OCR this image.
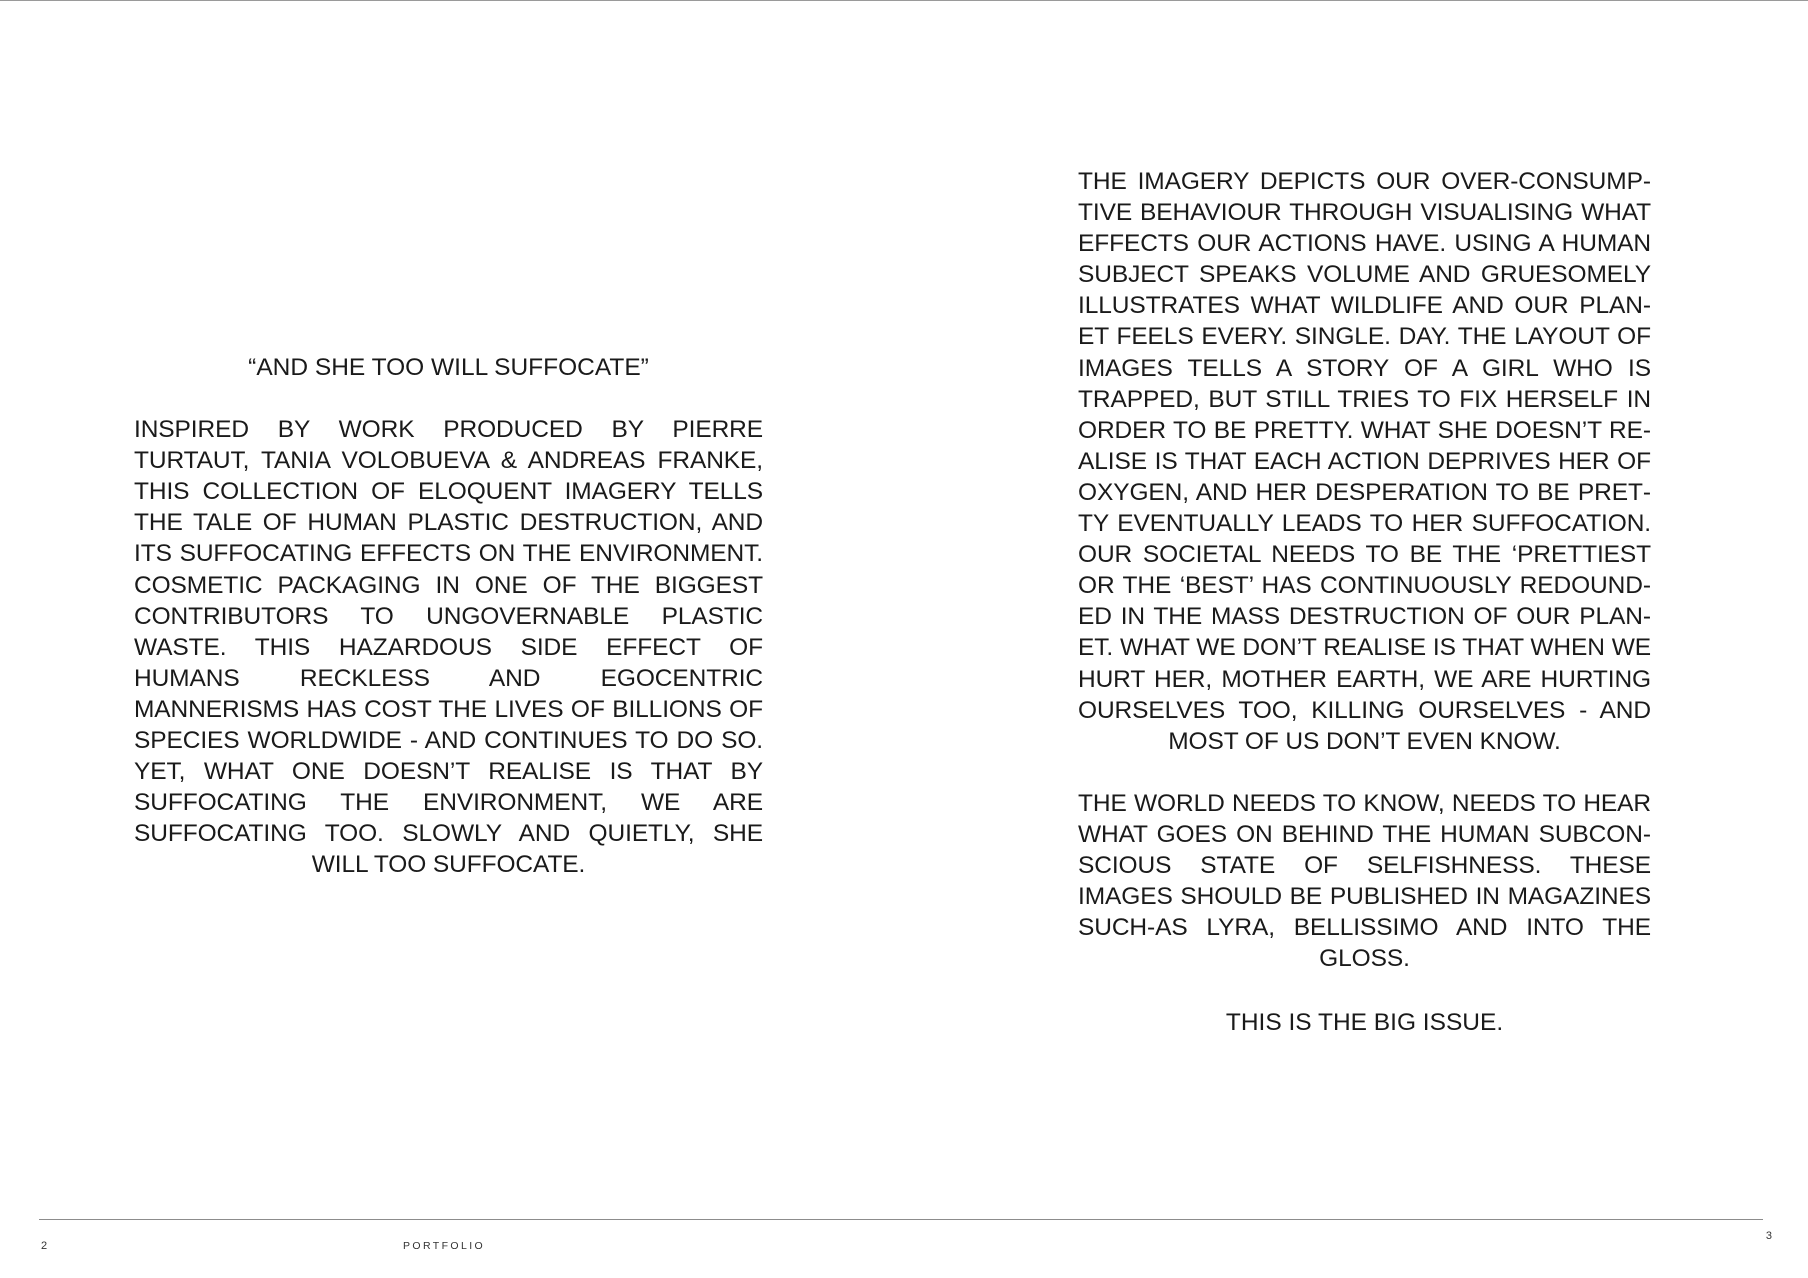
“AND SHE TOO WILL SUFFOCATE”

INSPIRED BY WORK PRODUCED BY PIERRE TURTAUT, TANIA VOLOBUEVA & ANDREAS FRANKE, THIS COLLECTION OF ELOQUENT IMAGERY TELLS THE TALE OF HUMAN PLASTIC DESTRUCTION, AND ITS SUFFOCATING EFFECTS ON THE ENVIRONMENT. COSMETIC PACKAGING IN ONE OF THE BIGGEST CONTRIBUTORS TO UNGOVERNABLE PLASTIC WASTE. THIS HAZARDOUS SIDE EFFECT OF HUMANS RECKLESS AND EGOCENTRIC MANNERISMS HAS COST THE LIVES OF BILLIONS OF SPECIES WORLDWIDE - AND CONTINUES TO DO SO. YET, WHAT ONE DOESN’T REALISE IS THAT BY SUFFOCATING THE ENVIRONMENT, WE ARE SUFFOCATING TOO. SLOWLY AND QUIETLY, SHE WILL TOO SUFFOCATE.

THE IMAGERY DEPICTS OUR OVER-CONSUMPTIVE BEHAVIOUR THROUGH VISUALISING WHAT EFFECTS OUR ACTIONS HAVE. USING A HUMAN SUBJECT SPEAKS VOLUME AND GRUESOMELY ILLUSTRATES WHAT WILDLIFE AND OUR PLANET FEELS EVERY. SINGLE. DAY. THE LAYOUT OF IMAGES TELLS A STORY OF A GIRL WHO IS TRAPPED, BUT STILL TRIES TO FIX HERSELF IN ORDER TO BE PRETTY. WHAT SHE DOESN’T REALISE IS THAT EACH ACTION DEPRIVES HER OF OXYGEN, AND HER DESPERATION TO BE PRETTY EVENTUALLY LEADS TO HER SUFFOCATION. OUR SOCIETAL NEEDS TO BE THE ‘PRETTIEST OR THE ‘BEST’ HAS CONTINUOUSLY REDOUNDED IN THE MASS DESTRUCTION OF OUR PLANET. WHAT WE DON’T REALISE IS THAT WHEN WE HURT HER, MOTHER EARTH, WE ARE HURTING OURSELVES TOO, KILLING OURSELVES - AND MOST OF US DON’T EVEN KNOW.

THE WORLD NEEDS TO KNOW, NEEDS TO HEAR WHAT GOES ON BEHIND THE HUMAN SUBCONSCIOUS STATE OF SELFISHNESS. THESE IMAGES SHOULD BE PUBLISHED IN MAGAZINES SUCH-AS LYRA, BELLISSIMO AND INTO THE GLOSS.

THIS IS THE BIG ISSUE.

2	PORTFOLIO
3
